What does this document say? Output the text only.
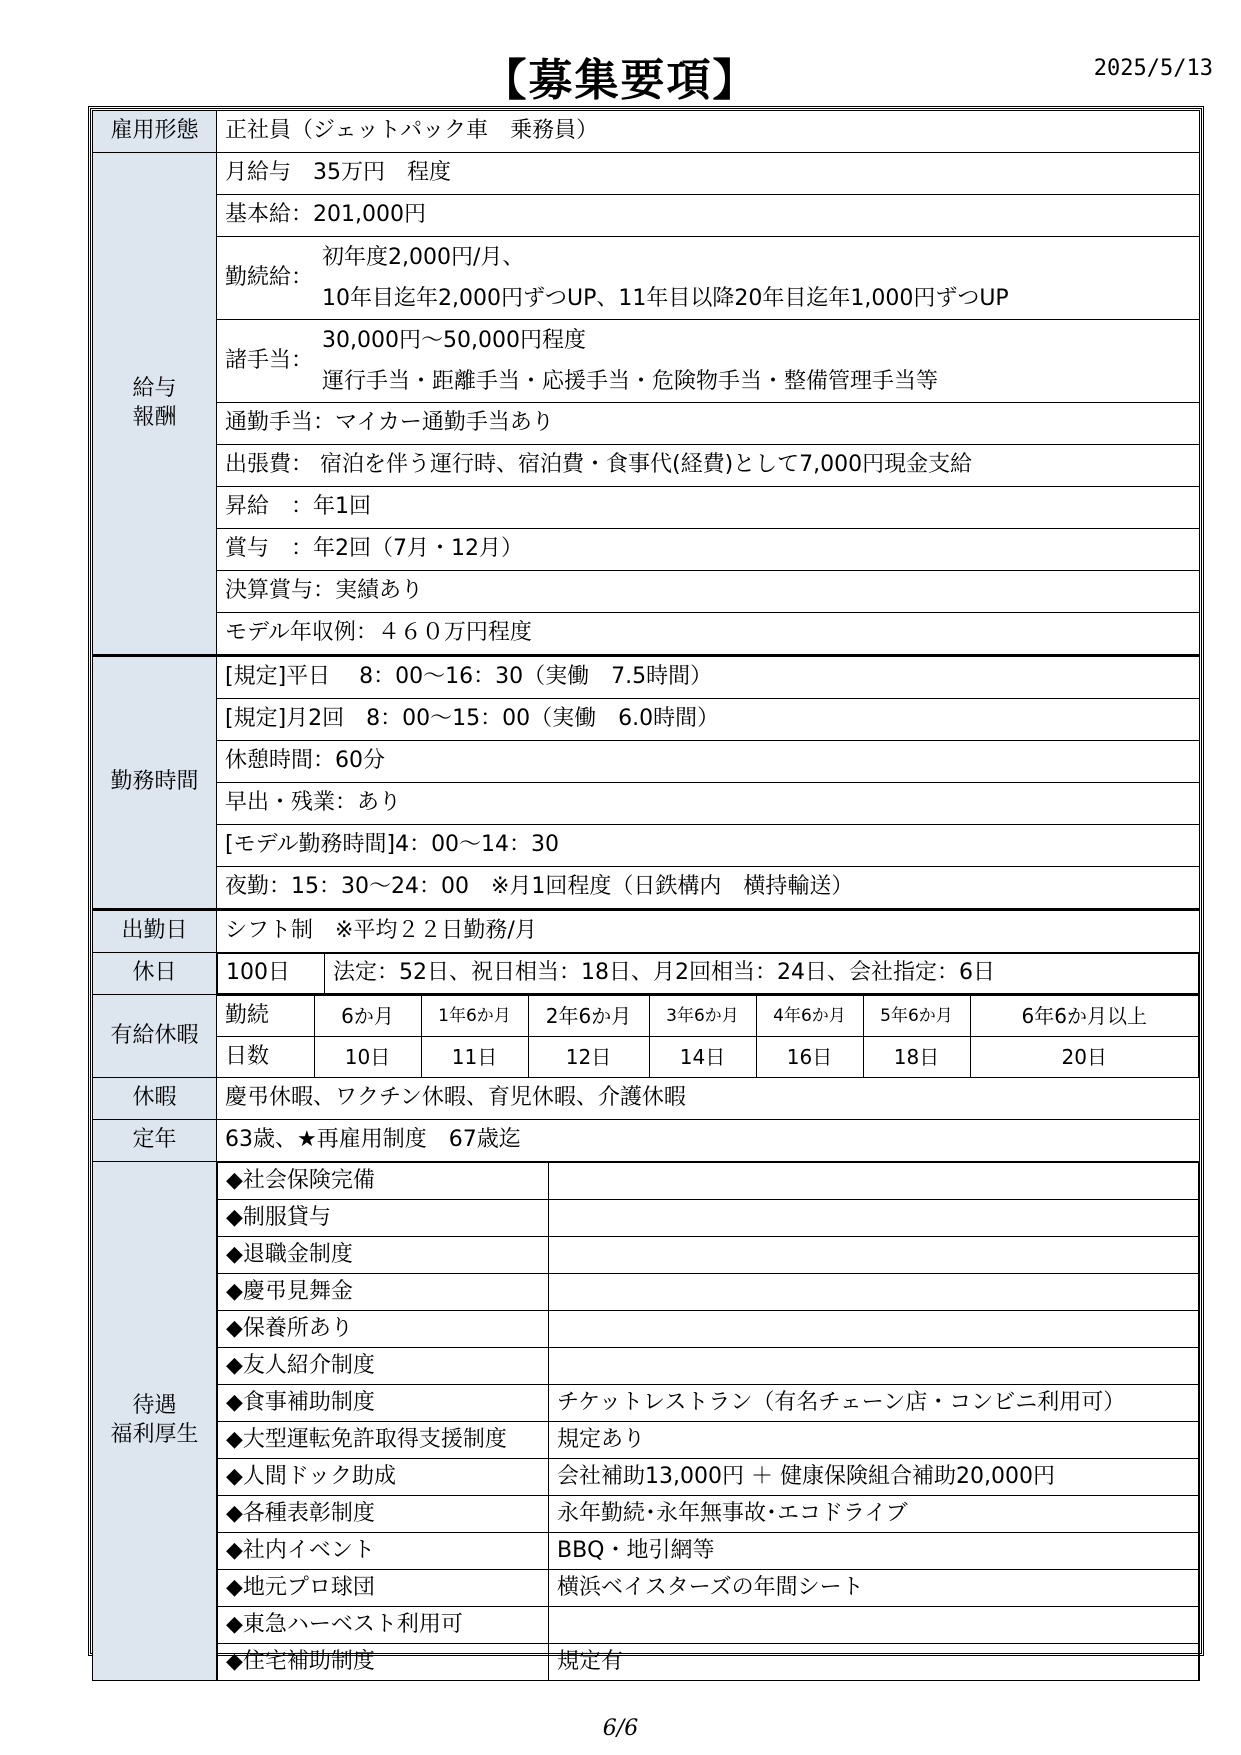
【募集要項】	2025/5/13
雇用形態	正社員（ジェットパック車　乗務員）

給与
報酬
	月給与　35万円　程度
基本給：201,000円

勤続給：	
初年度2,000円/月、
10年目迄年2,000円ずつUP、11年目以降20年目迄年1,000円ずつUP

諸手当：	
30,000円～50,000円程度
運行手当・距離手当・応援手当・危険物手当・整備管理手当等

通勤手当：マイカー通勤手当あり
出張費： 宿泊を伴う運行時、宿泊費・食事代(経費)として7,000円現金支給
昇給　：年1回
賞与　：年2回（7月・12月）
決算賞与：実績あり
モデル年収例：４６０万円程度
勤務時間	[規定]平日　 8：00～16：30（実働　7.5時間）
[規定]月2回　8：00～15：00（実働　6.0時間）
休憩時間：60分
早出・残業：あり
[モデル勤務時間]4：00～14：30
夜勤：15：30～24：00　※月1回程度（日鉄構内　横持輸送）
出勤日	シフト制　※平均２２日勤務/月
休日	100日	法定：52日、祝日相当：18日、月2回相当：24日、会社指定：6日

有給休暇	
勤続	6か月	1年6か月	2年6か月	3年6か月	4年6か月	5年6か月	6年6か月以上
日数	10日	11日	12日	14日	16日	18日	20日

休暇	慶弔休暇、ワクチン休暇、育児休暇、介護休暇
定年	63歳、★再雇用制度　67歳迄

待遇
福利厚生

◆社会保険完備	
◆制服貸与	
◆退職金制度	
◆慶弔見舞金	
◆保養所あり	
◆友人紹介制度	
◆食事補助制度	チケットレストラン（有名チェーン店・コンビニ利用可）
◆大型運転免許取得支援制度	規定あり
◆人間ドック助成	会社補助13,000円 ＋ 健康保険組合補助20,000円
◆各種表彰制度	永年勤続･永年無事故･エコドライブ
◆社内イベント	BBQ・地引網等
◆地元プロ球団	横浜ベイスターズの年間シート
◆東急ハーベスト利用可	
◆住宅補助制度	規定有
6/6
